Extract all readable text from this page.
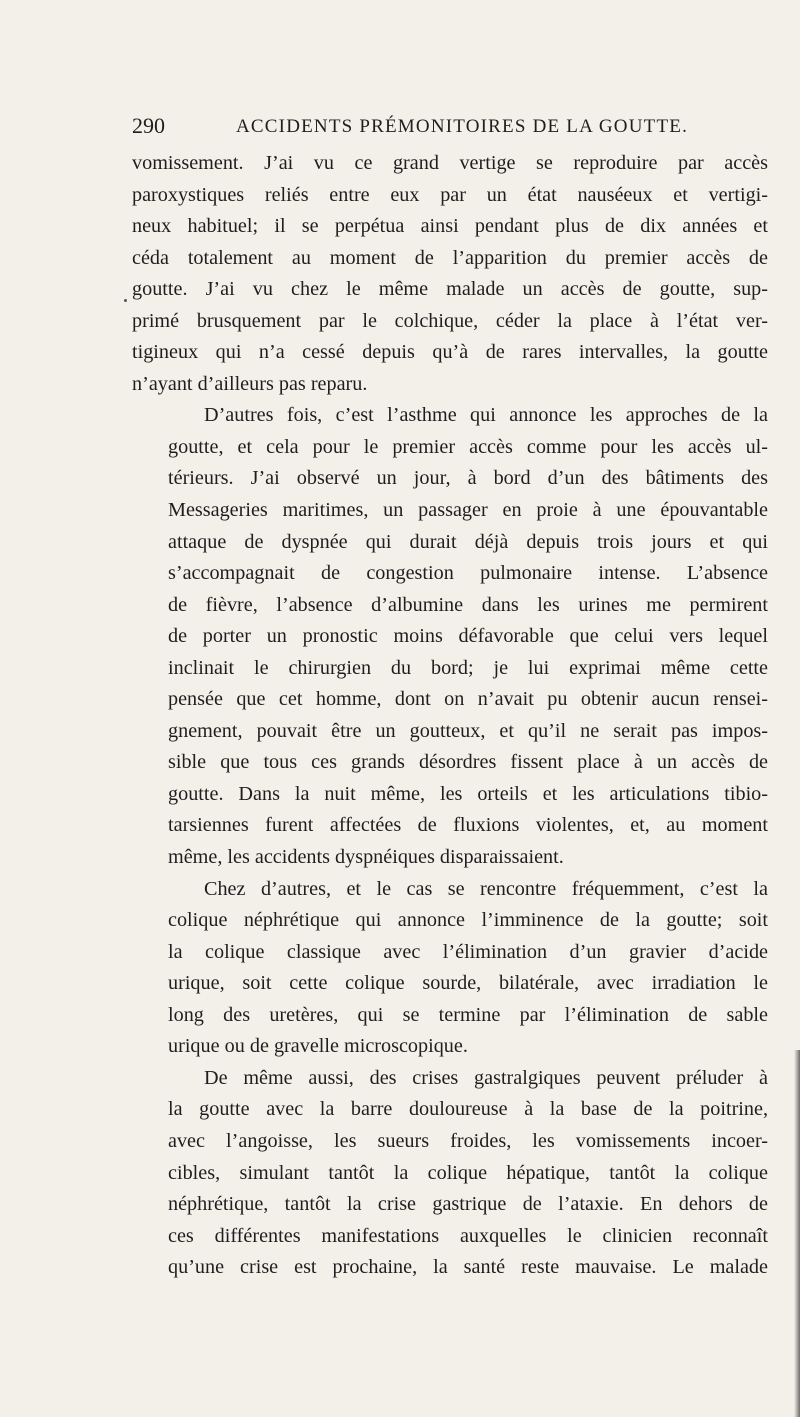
290	ACCIDENTS PRÉMONITOIRES DE LA GOUTTE.
vomissement. J’ai vu ce grand vertige se reproduire par accès
paroxystiques reliés entre eux par un état nauséeux et vertigi-
neux habituel; il se perpétua ainsi pendant plus de dix années et
céda totalement au moment de l’apparition du premier accès de
goutte. J’ai vu chez le même malade un accès de goutte, sup-
primé brusquement par le colchique, céder la place à l’état ver-
tigineux qui n’a cessé depuis qu’à de rares intervalles, la goutte
n’ayant d’ailleurs pas reparu.
D’autres fois, c’est l’asthme qui annonce les approches de la
goutte, et cela pour le premier accès comme pour les accès ul-
térieurs. J’ai observé un jour, à bord d’un des bâtiments des
Messageries maritimes, un passager en proie à une épouvantable
attaque de dyspnée qui durait déjà depuis trois jours et qui
s’accompagnait de congestion pulmonaire intense. L’absence
de fièvre, l’absence d’albumine dans les urines me permirent
de porter un pronostic moins défavorable que celui vers lequel
inclinait le chirurgien du bord; je lui exprimai même cette
pensée que cet homme, dont on n’avait pu obtenir aucun rensei-
gnement, pouvait être un goutteux, et qu’il ne serait pas impos-
sible que tous ces grands désordres fissent place à un accès de
goutte. Dans la nuit même, les orteils et les articulations tibio-
tarsiennes furent affectées de fluxions violentes, et, au moment
même, les accidents dyspnéiques disparaissaient.
Chez d’autres, et le cas se rencontre fréquemment, c’est la
colique néphrétique qui annonce l’imminence de la goutte; soit
la colique classique avec l’élimination d’un gravier d’acide
urique, soit cette colique sourde, bilatérale, avec irradiation le
long des uretères, qui se termine par l’élimination de sable
urique ou de gravelle microscopique.
De même aussi, des crises gastralgiques peuvent préluder à
la goutte avec la barre douloureuse à la base de la poitrine,
avec l’angoisse, les sueurs froides, les vomissements incoer-
cibles, simulant tantôt la colique hépatique, tantôt la colique
néphrétique, tantôt la crise gastrique de l’ataxie. En dehors de
ces différentes manifestations auxquelles le clinicien reconnaît
qu’une crise est prochaine, la santé reste mauvaise. Le malade
